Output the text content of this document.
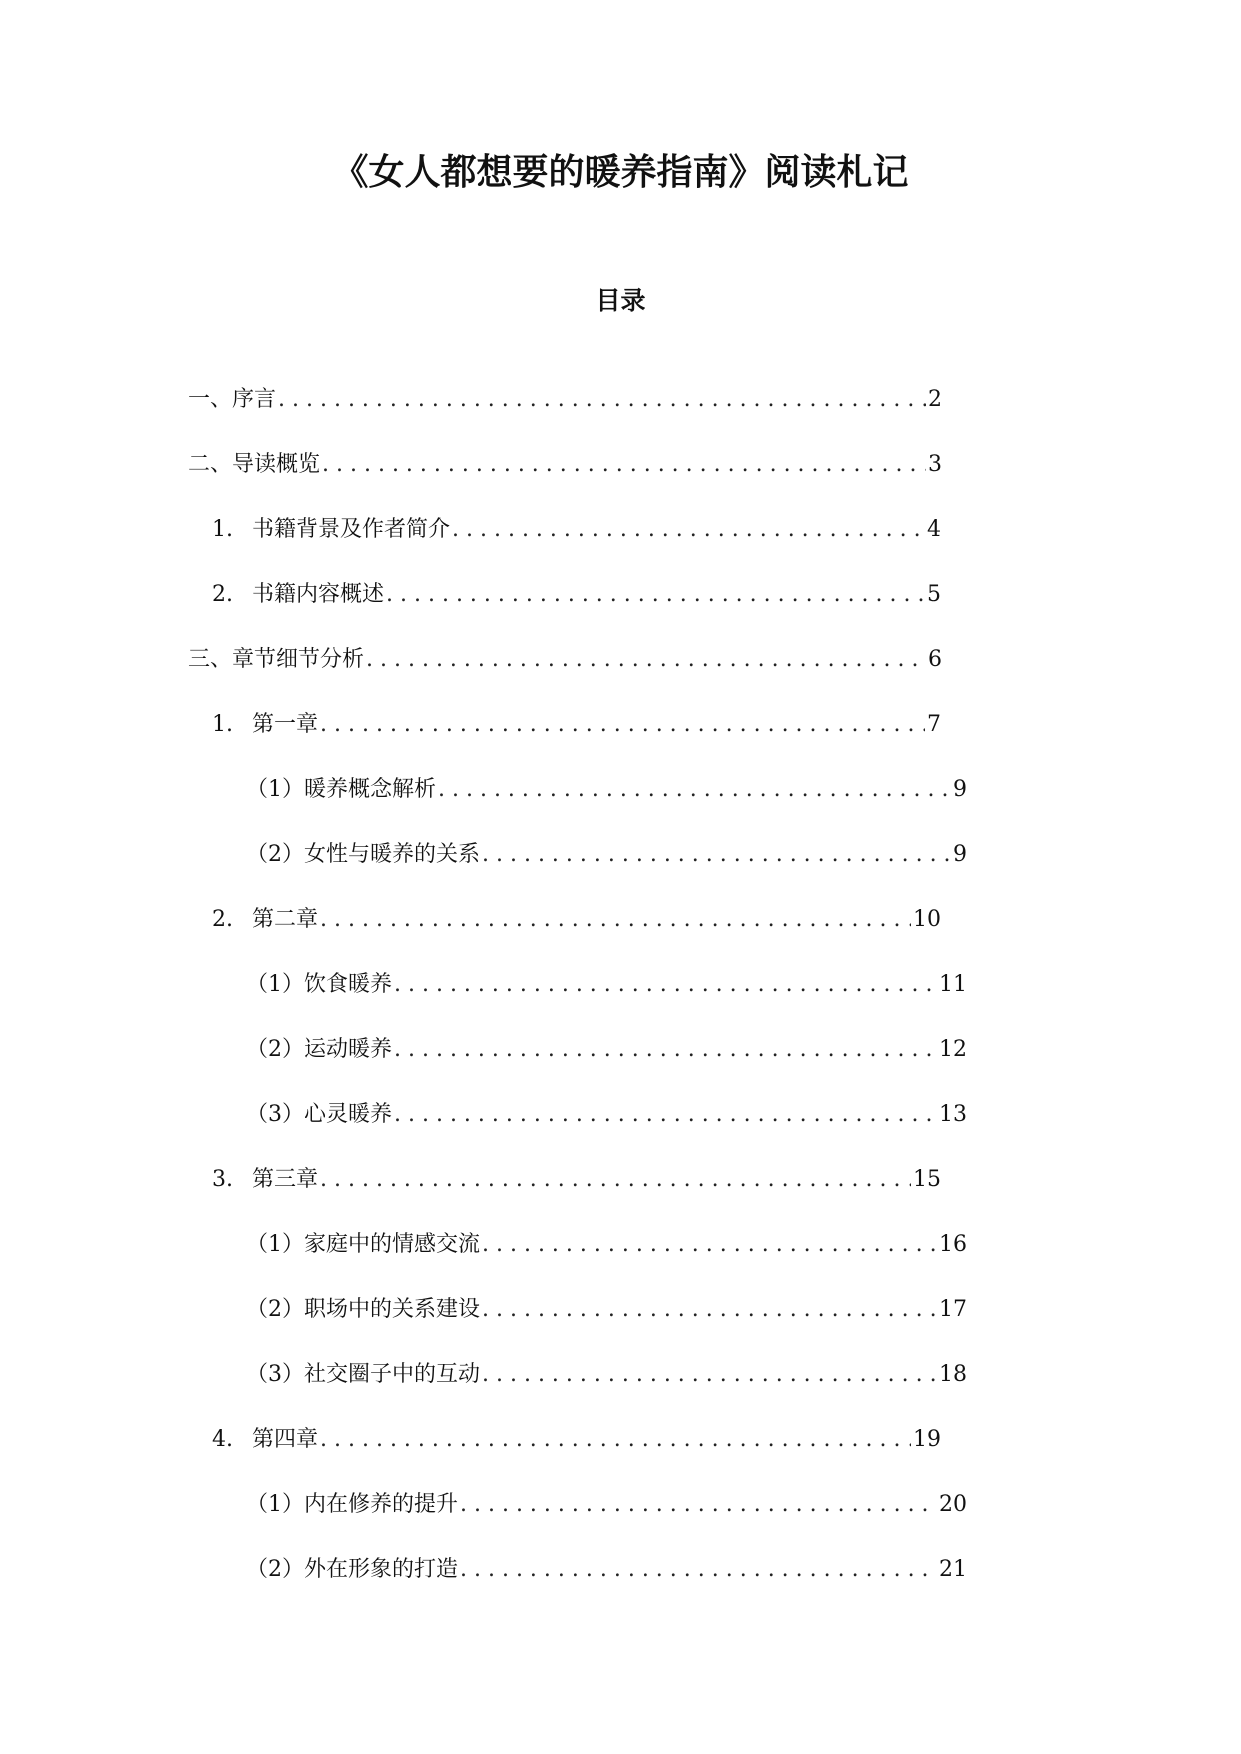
《女人都想要的暖养指南》阅读札记
目录
一、序言 . . .	2
二、导读概览 . . .	3
1. 书籍背景及作者简介 . . .	4
2. 书籍内容概述 . . .	5
三、章节细节分析 . . .	6
1. 第一章 . . .	7
（1）暖养概念解析 . . .	9
（2）女性与暖养的关系 . . .	9
2. 第二章 . . .	10
（1）饮食暖养 . . .	11
（2）运动暖养 . . .	12
（3）心灵暖养 . . .	13
3. 第三章 . . .	15
（1）家庭中的情感交流 . . .	16
（2）职场中的关系建设 . . .	17
（3）社交圈子中的互动 . . .	18
4. 第四章 . . .	19
（1）内在修养的提升 . . .	20
（2）外在形象的打造 . . .	21
